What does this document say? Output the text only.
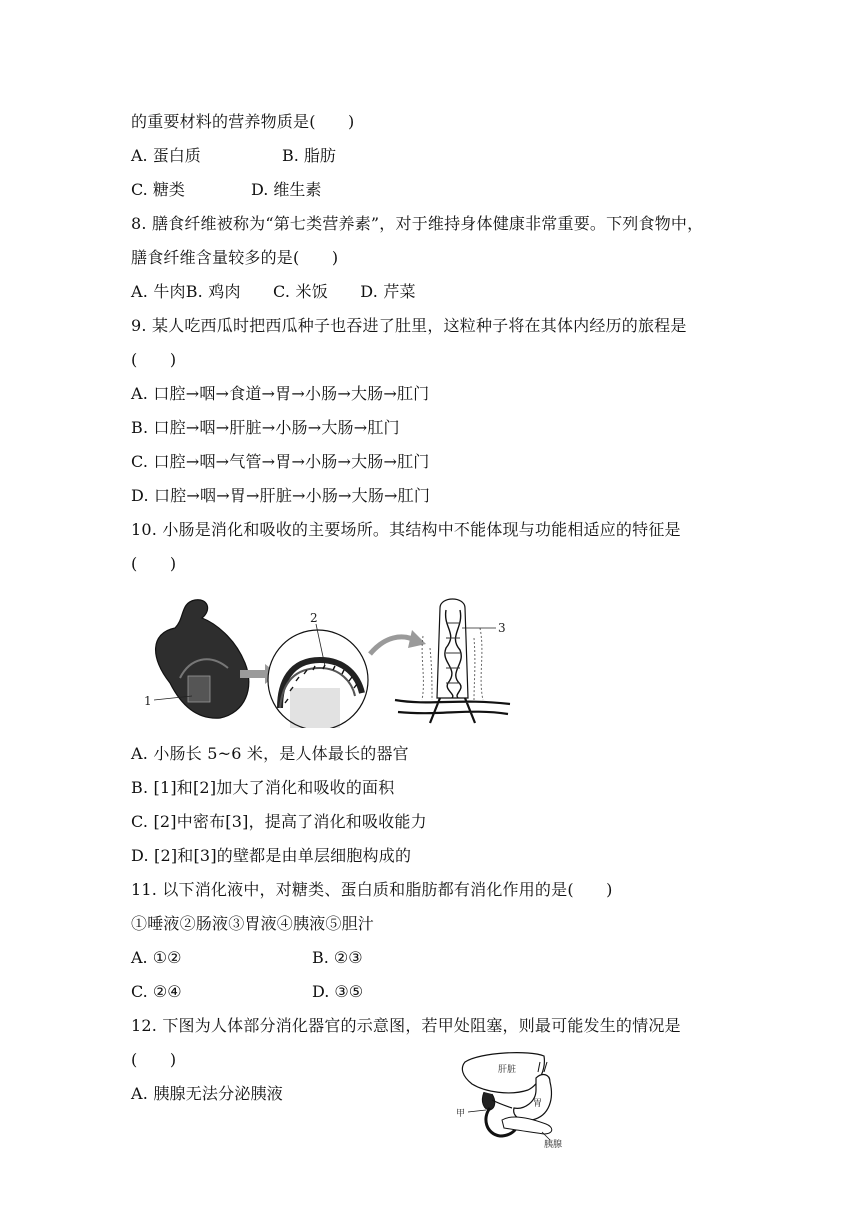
的重要材料的营养物质是(　　)
A. 蛋白质	B. 脂肪
C. 糖类	D. 维生素
8. 膳食纤维被称为“第七类营养素”，对于维持身体健康非常重要。下列食物中，
膳食纤维含量较多的是(　　)
A. 牛肉B. 鸡肉　　C. 米饭　　D. 芹菜
9. 某人吃西瓜时把西瓜种子也吞进了肚里，这粒种子将在其体内经历的旅程是
(　　)
A. 口腔→咽→食道→胃→小肠→大肠→肛门
B. 口腔→咽→肝脏→小肠→大肠→肛门
C. 口腔→咽→气管→胃→小肠→大肠→肛门
D. 口腔→咽→胃→肝脏→小肠→大肠→肛门
10. 小肠是消化和吸收的主要场所。其结构中不能体现与功能相适应的特征是
(　　)
1
2
3
A. 小肠长 5~6 米，是人体最长的器官
B. [1]和[2]加大了消化和吸收的面积
C. [2]中密布[3]，提高了消化和吸收能力
D. [2]和[3]的壁都是由单层细胞构成的
11. 以下消化液中，对糖类、蛋白质和脂肪都有消化作用的是(　　)
①唾液②肠液③胃液④胰液⑤胆汁
A. ①②	B. ②③
C. ②④	D. ③⑤
12. 下图为人体部分消化器官的示意图，若甲处阻塞，则最可能发生的情况是
(　　)
A. 胰腺无法分泌胰液
肝脏
胃
胰腺
甲
